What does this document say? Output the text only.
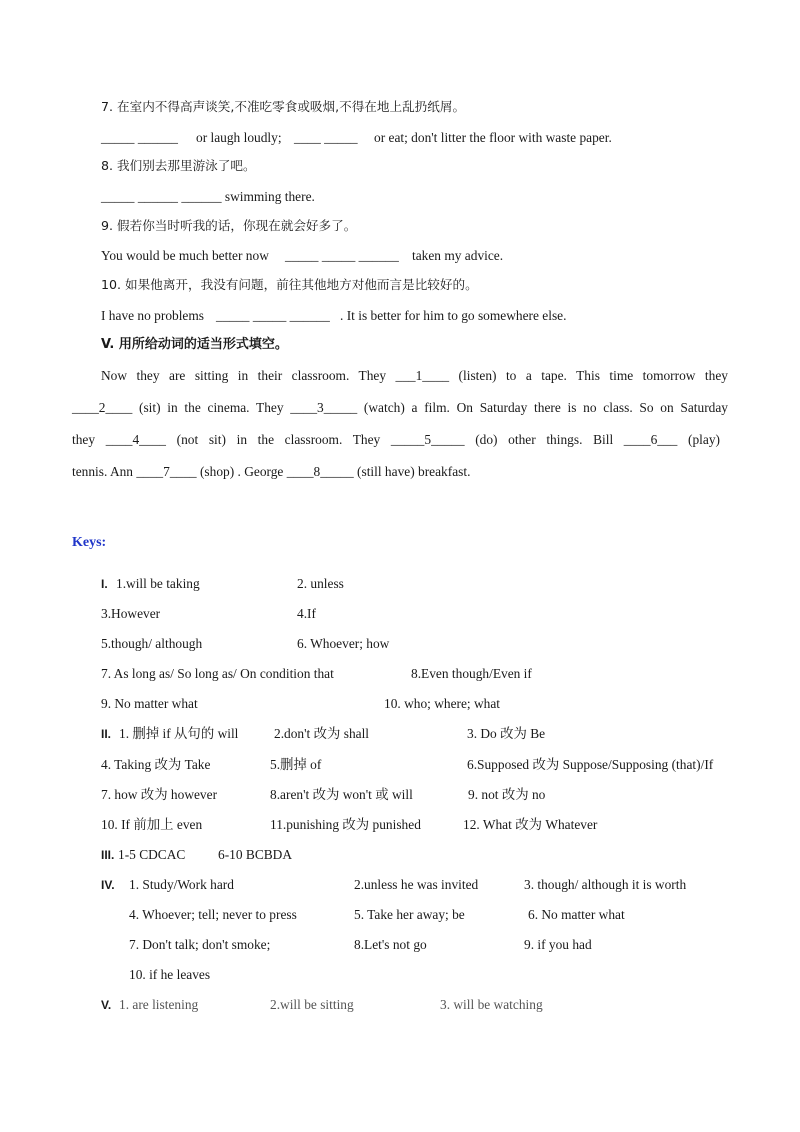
7. 在室内不得高声谈笑,不准吃零食或吸烟,不得在地上乱扔纸屑。
_____ ______ or laugh loudly; ____ _____ or eat; don't litter the floor with waste paper.
8. 我们别去那里游泳了吧。
_____ ______ ______ swimming there.
9. 假若你当时听我的话，你现在就会好多了。
You would be much better now _____ _____ ______ taken my advice.
10. 如果他离开，我没有问题，前往其他地方对他而言是比较好的。
I have no problems _____ _____ ______ . It is better for him to go somewhere else.
V. 用所给动词的适当形式填空。
Now they are sitting in their classroom. They ___1____ (listen) to a tape. This time tomorrow they
____2____ (sit) in the cinema. They ____3_____ (watch) a film. On Saturday there is no class. So on Saturday
they ____4____ (not sit) in the classroom. They _____5_____ (do) other things. Bill ____6___ (play)
tennis. Ann ____7____ (shop) . George ____8_____ (still have) breakfast.
Keys:
I. 1.will be taking	2. unless
3.However	4.If
5.though/ although	6. Whoever; how
7. As long as/ So long as/ On condition that	8.Even though/Even if
9. No matter what	10. who; where; what
II. 1. 删掉 if 从句的 will	2.don't 改为 shall	3. Do 改为 Be
4. Taking 改为 Take	5.删掉 of	6.Supposed 改为 Suppose/Supposing (that)/If
7. how 改为 however	8.aren't 改为 won't 或 will	9. not 改为 no
10. If 前加上 even	11.punishing 改为 punished	12. What 改为 Whatever
III. 1-5 CDCAC 6-10 BCBDA
IV. 1. Study/Work hard	2.unless he was invited	3. though/ although it is worth
4. Whoever; tell; never to press	5. Take her away; be	6. No matter what
7. Don't talk; don't smoke;	8.Let's not go	9. if you had
10. if he leaves
V. 1. are listening	2.will be sitting	3. will be watching
